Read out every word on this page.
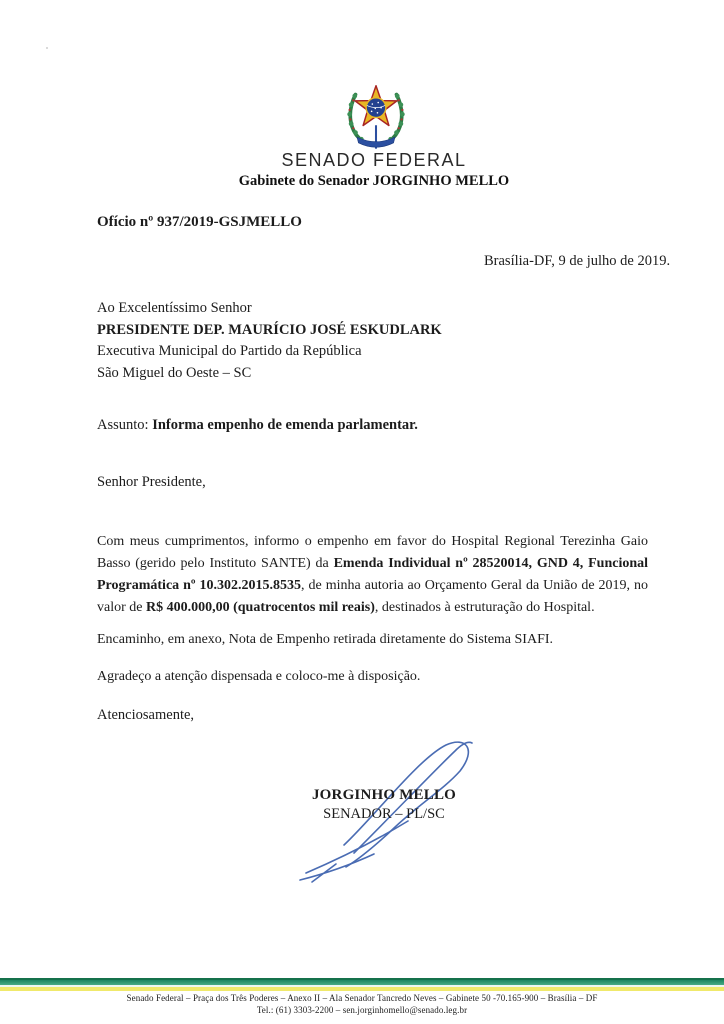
SENADO FEDERAL
Gabinete do Senador JORGINHO MELLO
Ofício nº 937/2019-GSJMELLO
Brasília-DF, 9 de julho de 2019.
Ao Excelentíssimo Senhor
PRESIDENTE DEP. MAURÍCIO JOSÉ ESKUDLARK
Executiva Municipal do Partido da República
São Miguel do Oeste – SC
Assunto: Informa empenho de emenda parlamentar.
Senhor Presidente,
Com meus cumprimentos, informo o empenho em favor do Hospital Regional Terezinha Gaio Basso (gerido pelo Instituto SANTE) da Emenda Individual nº 28520014, GND 4, Funcional Programática nº 10.302.2015.8535, de minha autoria ao Orçamento Geral da União de 2019, no valor de R$ 400.000,00 (quatrocentos mil reais), destinados à estruturação do Hospital.
Encaminho, em anexo, Nota de Empenho retirada diretamente do Sistema SIAFI.
Agradeço a atenção dispensada e coloco-me à disposição.
Atenciosamente,
JORGINHO MELLO
SENADOR – PL/SC
Senado Federal – Praça dos Três Poderes – Anexo II – Ala Senador Tancredo Neves – Gabinete 50 -70.165-900 – Brasília – DF
Tel.: (61) 3303-2200 – sen.jorginhomello@senado.leg.br
